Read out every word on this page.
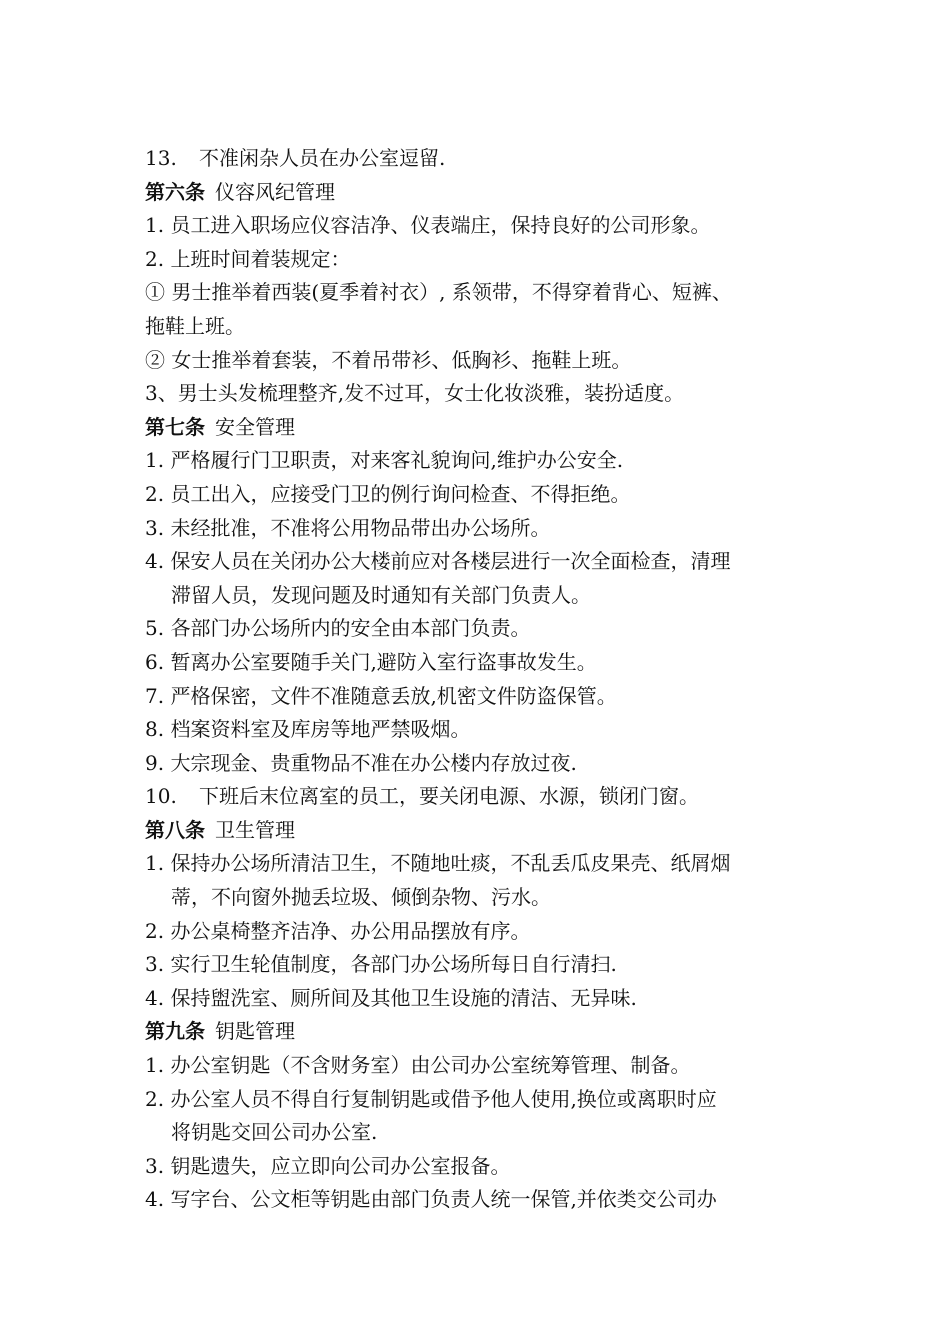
13. 不准闲杂人员在办公室逗留.
第六条 仪容风纪管理
1. 员工进入职场应仪容洁净、仪表端庄，保持良好的公司形象。
2. 上班时间着装规定：
① 男士推举着西装(夏季着衬衣）, 系领带，不得穿着背心、短裤、
拖鞋上班。
② 女士推举着套装，不着吊带衫、低胸衫、拖鞋上班。
3、男士头发梳理整齐,发不过耳，女士化妆淡雅，装扮适度。
第七条 安全管理
1. 严格履行门卫职责，对来客礼貌询问,维护办公安全.
2. 员工出入，应接受门卫的例行询问检查、不得拒绝。
3. 未经批准，不准将公用物品带出办公场所。
4. 保安人员在关闭办公大楼前应对各楼层进行一次全面检查，清理
滞留人员，发现问题及时通知有关部门负责人。
5. 各部门办公场所内的安全由本部门负责。
6. 暂离办公室要随手关门,避防入室行盗事故发生。
7. 严格保密，文件不准随意丢放,机密文件防盗保管。
8. 档案资料室及库房等地严禁吸烟。
9. 大宗现金、贵重物品不准在办公楼内存放过夜.
10. 下班后末位离室的员工，要关闭电源、水源，锁闭门窗。
第八条 卫生管理
1. 保持办公场所清洁卫生，不随地吐痰，不乱丢瓜皮果壳、纸屑烟
蒂，不向窗外抛丢垃圾、倾倒杂物、污水。
2. 办公桌椅整齐洁净、办公用品摆放有序。
3. 实行卫生轮值制度，各部门办公场所每日自行清扫.
4. 保持盥洗室、厕所间及其他卫生设施的清洁、无异味.
第九条 钥匙管理
1. 办公室钥匙（不含财务室）由公司办公室统筹管理、制备。
2. 办公室人员不得自行复制钥匙或借予他人使用,换位或离职时应
将钥匙交回公司办公室.
3. 钥匙遗失，应立即向公司办公室报备。
4. 写字台、公文柜等钥匙由部门负责人统一保管,并依类交公司办
